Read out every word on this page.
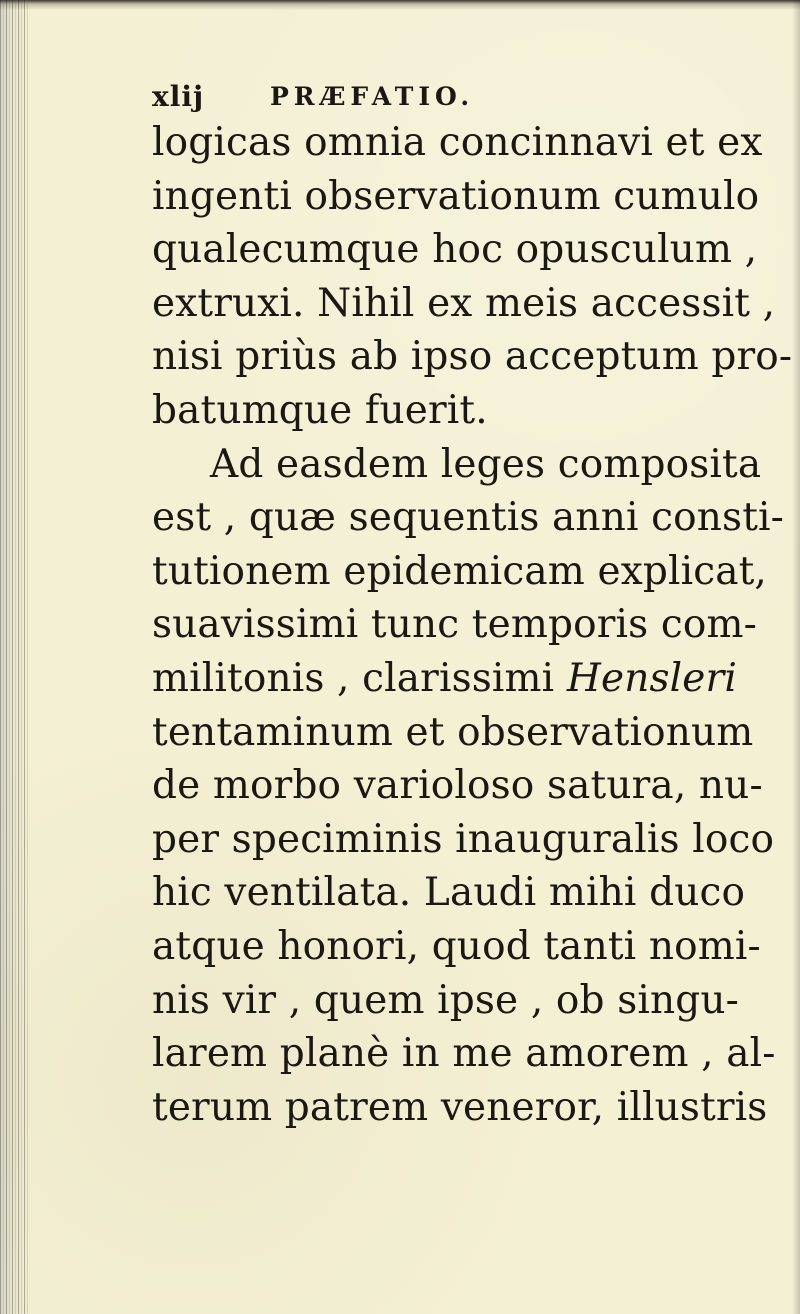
xlij	PRÆFATIO.
logicas omnia concinnavi et ex
ingenti observationum cumulo
qualecumque hoc opusculum ,
extruxi. Nihil ex meis accessit ,
nisi priùs ab ipso acceptum pro-
batumque fuerit.
Ad easdem leges composita
est , quæ sequentis anni consti-
tutionem epidemicam explicat,
suavissimi tunc temporis com-
militonis , clarissimi Hensleri
tentaminum et observationum
de morbo varioloso satura, nu-
per speciminis inauguralis loco
hic ventilata. Laudi mihi duco
atque honori, quod tanti nomi-
nis vir , quem ipse , ob singu-
larem planè in me amorem , al-
terum patrem veneror, illustris
